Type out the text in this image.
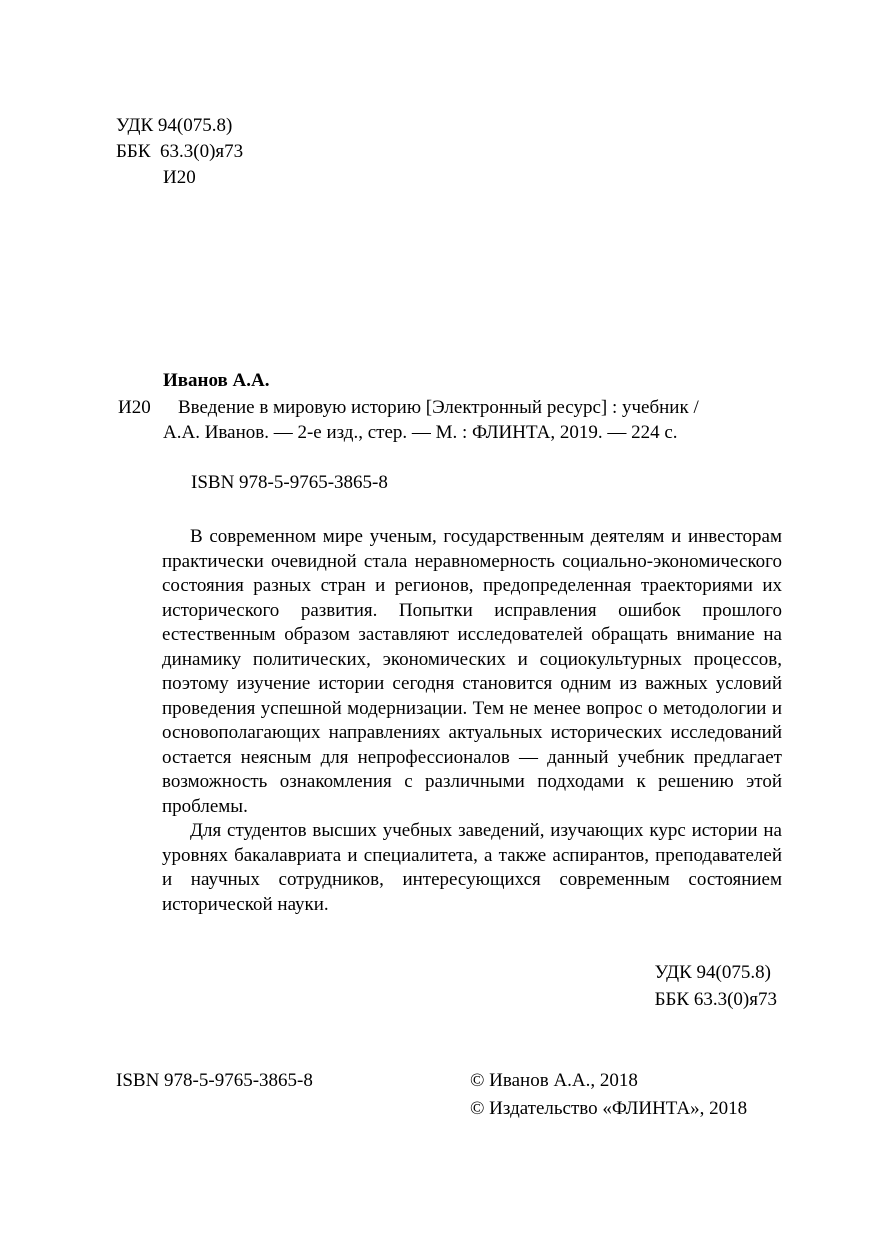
УДК 94(075.8)
ББК  63.3(0)я73
И20
Иванов А.А.
И20 Введение в мировую историю [Электронный ресурс] : учебник /
А.А. Иванов. — 2-е изд., стер. — М. : ФЛИНТА, 2019. — 224 с.
ISBN 978-5-9765-3865-8

В современном мире ученым, государственным деятелям и инвесторам практически очевидной стала неравномерность социально-экономического состояния разных стран и регионов, предопределенная траекториями их исторического развития. Попытки исправления ошибок прошлого естественным образом заставляют исследователей обращать внимание на динамику политических, экономических и социокультурных процессов, поэтому изучение истории сегодня становится одним из важных условий проведения успешной модернизации. Тем не менее вопрос о методологии и основополагающих направлениях актуальных исторических исследований остается неясным для непрофессионалов — данный учебник предлагает возможность ознакомления с различными подходами к решению этой проблемы.

Для студентов высших учебных заведений, изучающих курс истории на уровнях бакалавриата и специалитета, а также аспирантов, преподавателей и научных сотрудников, интересующихся современным состоянием исторической науки.

УДК 94(075.8)
ББК 63.3(0)я73
ISBN 978-5-9765-3865-8	© Иванов А.А., 2018
© Издательство «ФЛИНТА», 2018
